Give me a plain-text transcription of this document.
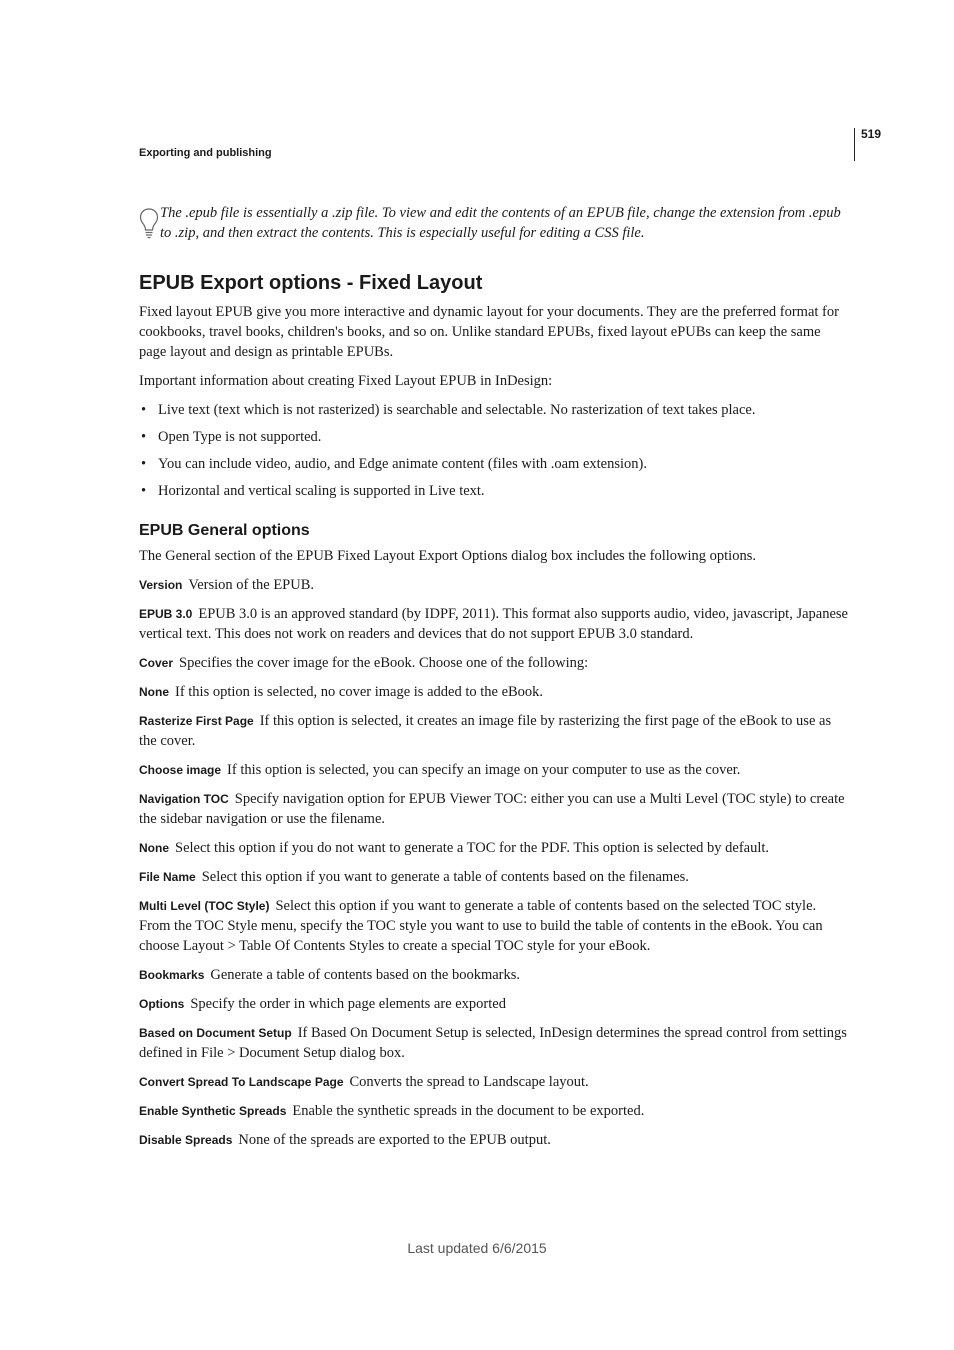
519
Exporting and publishing
The .epub file is essentially a .zip file. To view and edit the contents of an EPUB file, change the extension from .epub to .zip, and then extract the contents. This is especially useful for editing a CSS file.
EPUB Export options - Fixed Layout

Fixed layout EPUB give you more interactive and dynamic layout for your documents. They are the preferred format for cookbooks, travel books, children's books, and so on. Unlike standard EPUBs, fixed layout ePUBs can keep the same page layout and design as printable EPUBs.

Important information about creating Fixed Layout EPUB in InDesign:

• Live text (text which is not rasterized) is searchable and selectable. No rasterization of text takes place.
• Open Type is not supported.
• You can include video, audio, and Edge animate content (files with .oam extension).
• Horizontal and vertical scaling is supported in Live text.
EPUB General options

The General section of the EPUB Fixed Layout Export Options dialog box includes the following options.

Version Version of the EPUB.

EPUB 3.0 EPUB 3.0 is an approved standard (by IDPF, 2011). This format also supports audio, video, javascript, Japanese vertical text. This does not work on readers and devices that do not support EPUB 3.0 standard.

Cover Specifies the cover image for the eBook. Choose one of the following:

None If this option is selected, no cover image is added to the eBook.

Rasterize First Page If this option is selected, it creates an image file by rasterizing the first page of the eBook to use as the cover.

Choose image If this option is selected, you can specify an image on your computer to use as the cover.

Navigation TOC Specify navigation option for EPUB Viewer TOC: either you can use a Multi Level (TOC style) to create the sidebar navigation or use the filename.

None Select this option if you do not want to generate a TOC for the PDF. This option is selected by default.

File Name Select this option if you want to generate a table of contents based on the filenames.

Multi Level (TOC Style) Select this option if you want to generate a table of contents based on the selected TOC style. From the TOC Style menu, specify the TOC style you want to use to build the table of contents in the eBook. You can choose Layout > Table Of Contents Styles to create a special TOC style for your eBook.

Bookmarks Generate a table of contents based on the bookmarks.

Options Specify the order in which page elements are exported

Based on Document Setup If Based On Document Setup is selected, InDesign determines the spread control from settings defined in File > Document Setup dialog box.

Convert Spread To Landscape Page Converts the spread to Landscape layout.

Enable Synthetic Spreads Enable the synthetic spreads in the document to be exported.

Disable Spreads None of the spreads are exported to the EPUB output.

Last updated 6/6/2015
